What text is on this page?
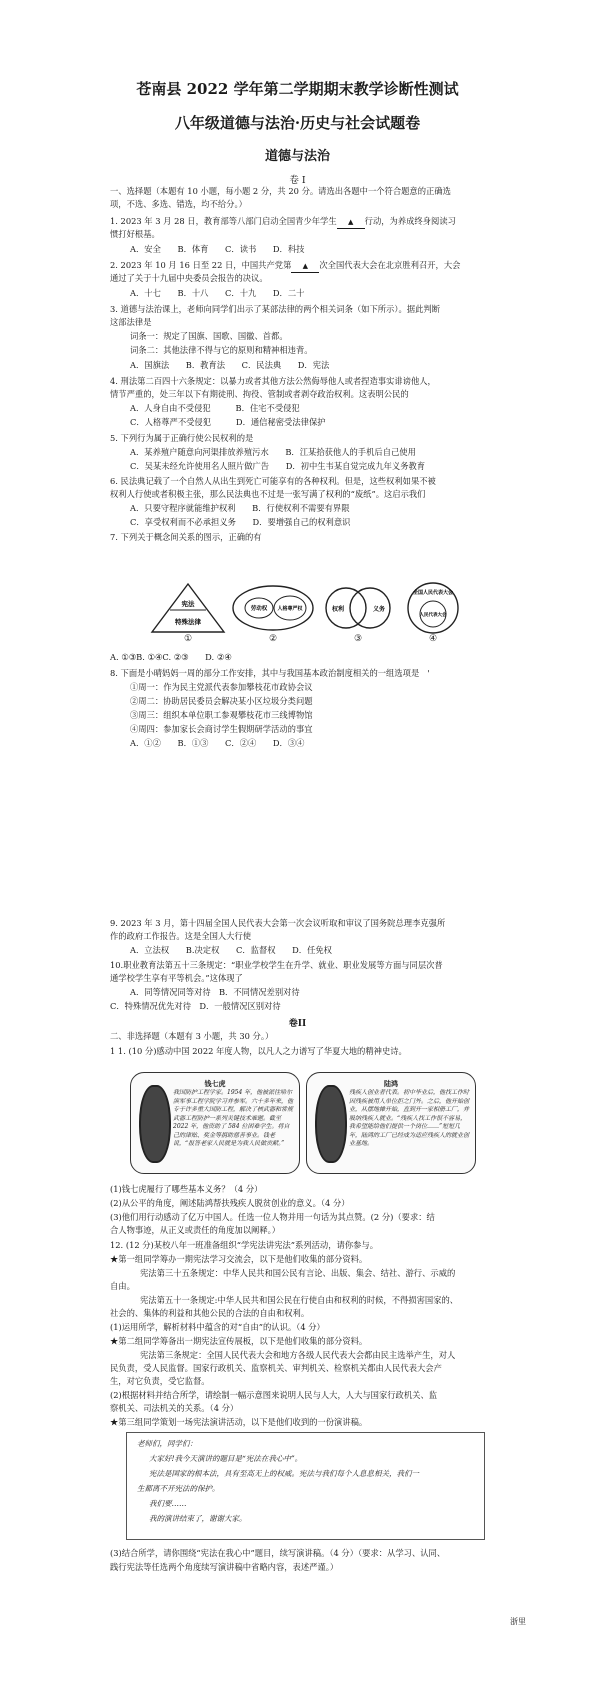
苍南县 2022 学年第二学期期末教学诊断性测试
八年级道德与法治·历史与社会试题卷
道德与法治
卷 I
一、选择题（本题有 10 小题，每小题 2 分，共 20 分。请选出各题中一个符合题意的正确选
项，不选、多选、错选，均不给分。）
1. 2023 年 3 月 28 日，教育部等八部门启动全国青少年学生 ▲ 行动，为养成终身阅读习
惯打好根基。
A．安全　　B．体育　　C．读书　　D．科技
2. 2023 年 10 月 16 日至 22 日，中国共产党第 ▲ 次全国代表大会在北京胜利召开，大会
通过了关于十九届中央委员会报告的决议。
A．十七　　B．十八　　C．十九　　D．二十
3. 道德与法治课上，老师向同学们出示了某部法律的两个相关词条（如下所示）。据此判断
这部法律是
词条一：规定了国旗、国歌、国徽、首都。
词条二：其他法律不得与它的原则和精神相违背。
A．国旗法　　B．教育法　　C．民法典　　D．宪法
4. 刑法第二百四十六条规定：以暴力或者其他方法公然侮辱他人或者捏造事实诽谤他人，
情节严重的，处三年以下有期徒刑、拘役、管制或者剥夺政治权利。这表明公民的
A．人身自由不受侵犯　　　B．住宅不受侵犯
C．人格尊严不受侵犯　　　D．通信秘密受法律保护
5. 下列行为属于正确行使公民权利的是
A．某养殖户随意向河渠排放养殖污水　　B．江某拾获他人的手机后自己使用
C．吴某未经允许使用名人照片做广告　　D．初中生韦某自觉完成九年义务教育
6. 民法典记载了一个自然人从出生到死亡可能享有的各种权利。但是，这些权利如果不被
权利人行使或者积极主张，那么民法典也不过是一张写满了权利的“废纸”。这启示我们
A．只要守程序就能维护权利　　B．行使权利不需要有界限
C．享受权利而不必承担义务　　D．要增强自己的权利意识
7. 下列关于概念间关系的图示，正确的有
宪法
特殊法律
劳动权 人格尊严权	权利	义务
全国人民代表大会
人民代表大会
①	②	③	④
A. ①③B. ①④C. ②③　　D. ②④
8. 下面是小晴妈妈一周的部分工作安排，其中与我国基本政治制度相关的一组选项是　'
①周一：作为民主党派代表参加攀枝花市政协会议
②周二：协助居民委员会解决某小区垃圾分类问题
③周三：组织本单位职工参观攀枝花市三线博物馆
④周四：参加家长会商讨学生假期研学活动的事宜
A．①②　　B．①③　　C．②④　　D．③④
9. 2023 年 3 月，第十四届全国人民代表大会第一次会议听取和审议了国务院总理李克强所
作的政府工作报告。这是全国人大行使
A．立法权　　B.决定权　　C．监督权　　D．任免权
10.职业教育法第五十三条规定：“职业学校学生在升学、就业、职业发展等方面与同层次普
通学校学生享有平等机会。”这体现了
A．同等情况同等对待　B．不同情况差别对待
C．特殊情况优先对待　D．一般情况区别对待
卷II
二、非选择题（本题有 3 小题，共 30 分。）
1 1. (10 分)感动中国 2022 年度人物，以凡人之力谱写了华夏大地的精神史诗。
钱七虎
我国防护工程学家。1954 年，他被派往哈尔滨军事工程学院学习并参军。六十多年来，他专于许多重大国防工程，解决了核武器和常规武器工程防护一系列关键技术难题。截至 2022 年，他资助了 584 位困难学生。将自己的津贴、奖金等捐助慈善事业。钱老说，“报答老家人民就是为我人民做贡献。”
陆鸿
残疾人创业者代表。初中毕业后，他找工作时因残疾被用人单位拒之门外。之后，他开始创业，从摆地摊开始，直到开一家相册工厂，并吸纳残疾人就业。“残疾人找工作很不容易，我希望能给他们提供一个岗位……”短短几年，陆鸿的工厂已经成为适应残疾人的就业创业基地。
(1)钱七虎履行了哪些基本义务？（4 分）
(2)从公平的角度，阐述陆鸿帮扶残疾人脱贫创业的意义。（4 分）
(3)他们用行动感动了亿万中国人。任选一位人物并用一句话为其点赞。(2 分)（要求：结
合人物事迹，从正义或责任的角度加以阐释。）
12. (12 分)某校八年一班准备组织“学宪法讲宪法”系列活动，请你参与。
★第一组同学筹办一期宪法学习交流会，以下是他们收集的部分资料。
宪法第三十五条规定：中华人民共和国公民有言论、出版、集会、结社、游行、示威的
自由。
宪法第五十一条规定:中华人民共和国公民在行使自由和权利的时候，不得损害国家的、
社会的、集体的利益和其他公民的合法的自由和权利。
(1)运用所学，解析材料中蕴含的对“自由”的认识。（4 分）
★第二组同学筹备出一期宪法宣传展板，以下是他们收集的部分资料。
宪法第三条规定：全国人民代表大会和地方各级人民代表大会都由民主选举产生，对人
民负责，受人民监督。国家行政机关、监察机关、审判机关、检察机关都由人民代表大会产
生，对它负责，受它监督。
(2)根据材料并结合所学，请绘制一幅示意图来说明人民与人大，人大与国家行政机关、监
察机关、司法机关的关系。（4 分）
★第三组同学策划一场宪法演讲活动，以下是他们收到的一份演讲稿。
老师们，同学们：
大家好!我今天演讲的题目是“宪法在我心中”。
宪法是国家的根本法，具有至高无上的权威。宪法与我们每个人息息相关，我们一
生都离不开宪法的保护。
我们要……
我的演讲结束了，谢谢大家。
(3)结合所学，请你围绕“宪法在我心中”题目，续写演讲稿。（4 分）（要求：从学习、认同、
践行宪法等任选两个角度续写演讲稿中省略内容，表述严谨。）
浙里
